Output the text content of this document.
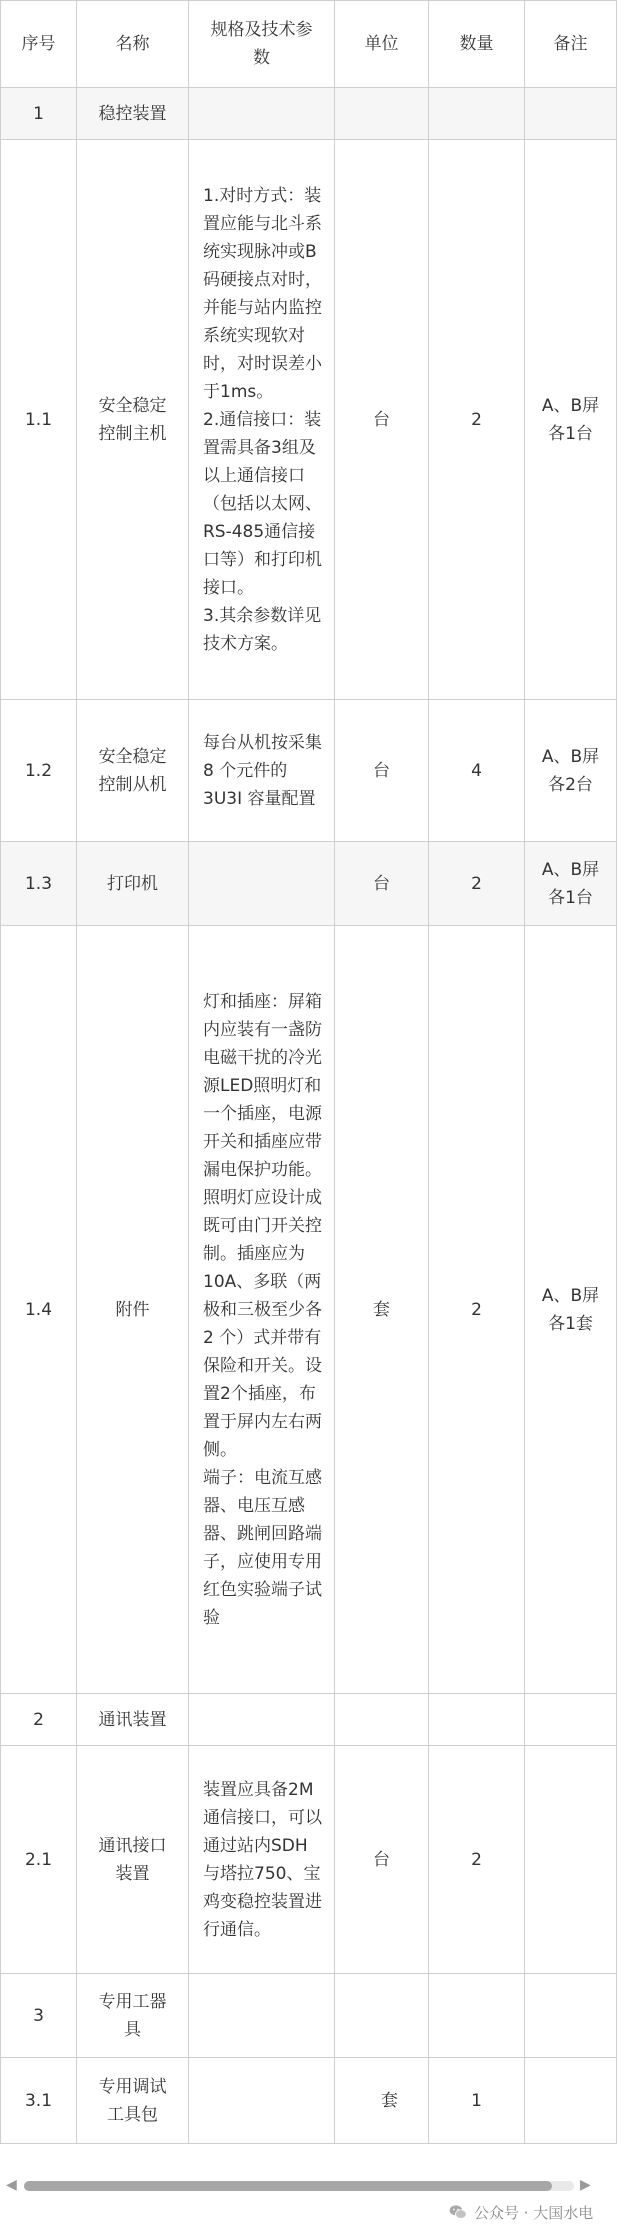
序号	名称	规格及技术参数	单位	数量	备注
1	稳控装置				
1.1	安全稳定控制主机	1.对时方式：装置应能与北斗系统实现脉冲或B码硬接点对时，并能与站内监控系统实现软对时，对时误差小于1ms。
2.通信接口：装置需具备3组及以上通信接口（包括以太网、RS-485通信接口等）和打印机接口。
3.其余参数详见技术方案。	台	2	A、B屏各1台
1.2	安全稳定控制从机	每台从机按采集 8 个元件的 3U3I 容量配置	台	4	A、B屏各2台
1.3	打印机		台	2	A、B屏各1台
1.4	附件	灯和插座：屏箱内应装有一盏防电磁干扰的冷光源LED照明灯和一个插座，电源开关和插座应带漏电保护功能。照明灯应设计成既可由门开关控制。插座应为10A、多联（两极和三极至少各 2 个）式并带有保险和开关。设置2个插座，布置于屏内左右两侧。
端子：电流互感器、电压互感器、跳闸回路端子，应使用专用红色实验端子试验	套	2	A、B屏各1套
2	通讯装置				
2.1	通讯接口装置	装置应具备2M通信接口，可以通过站内SDH与塔拉750、宝鸡变稳控装置进行通信。	台	2	
3	专用工器具				
3.1	专用调试工具包		套	1	
◀	▶
公众号 · 大国水电
